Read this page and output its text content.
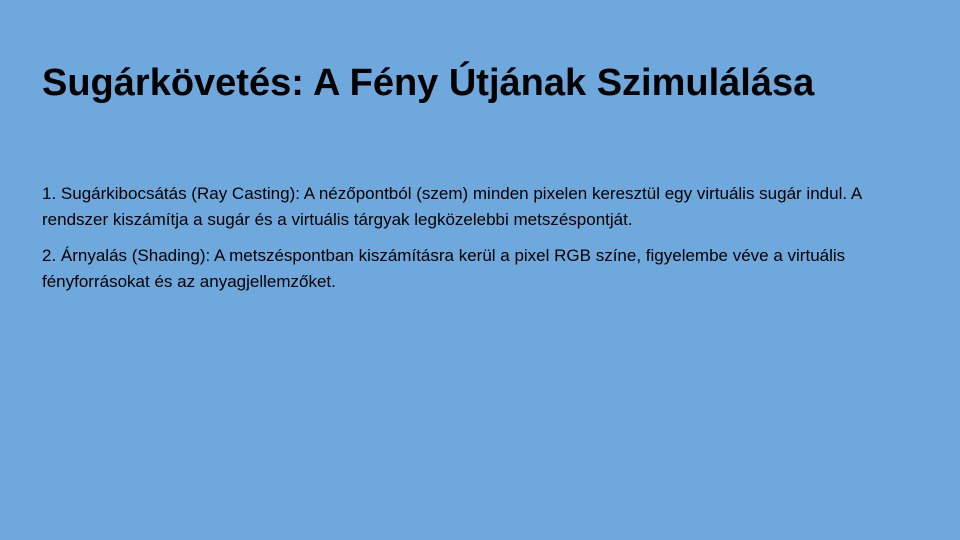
Sugárkövetés: A Fény Útjának Szimulálása
1. Sugárkibocsátás (Ray Casting): A nézőpontból (szem) minden pixelen keresztül egy virtuális sugár indul. A rendszer kiszámítja a sugár és a virtuális tárgyak legközelebbi metszéspontját.
2. Árnyalás (Shading): A metszéspontban kiszámításra kerül a pixel RGB színe, figyelembe véve a virtuális fényforrásokat és az anyagjellemzőket.
